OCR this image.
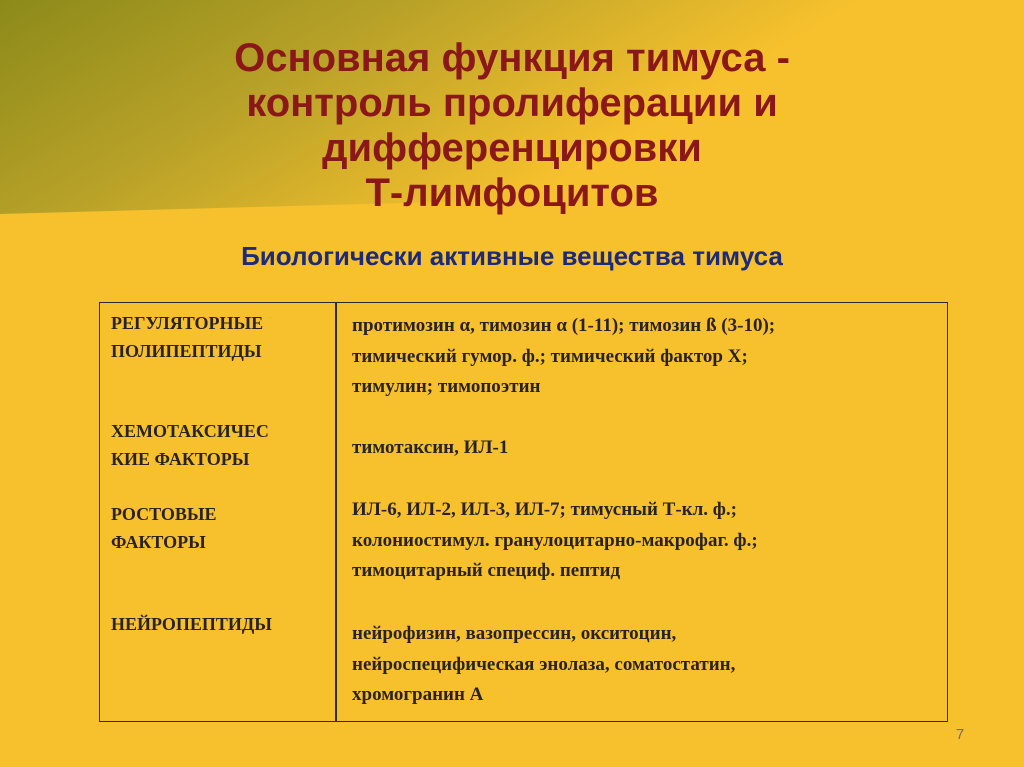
Основная функция тимуса -
контроль пролиферации и
дифференцировки
Т-лимфоцитов
Биологически активные вещества тимуса
РЕГУЛЯТОРНЫЕ
ПОЛИПЕПТИДЫ
протимозин α, тимозин α (1-11); тимозин ß (3-10);
тимический гумор. ф.; тимический фактор Х;
тимулин; тимопоэтин
ХЕМОТАКСИЧЕС
КИЕ ФАКТОРЫ
тимотаксин, ИЛ-1
РОСТОВЫЕ
ФАКТОРЫ
ИЛ-6, ИЛ-2, ИЛ-3, ИЛ-7; тимусный Т-кл. ф.;
колониостимул. гранулоцитарно-макрофаг. ф.;
тимоцитарный специф. пептид
НЕЙРОПЕПТИДЫ	нейрофизин, вазопрессин, окситоцин,
нейроспецифическая энолаза, соматостатин,
хромогранин А
7
